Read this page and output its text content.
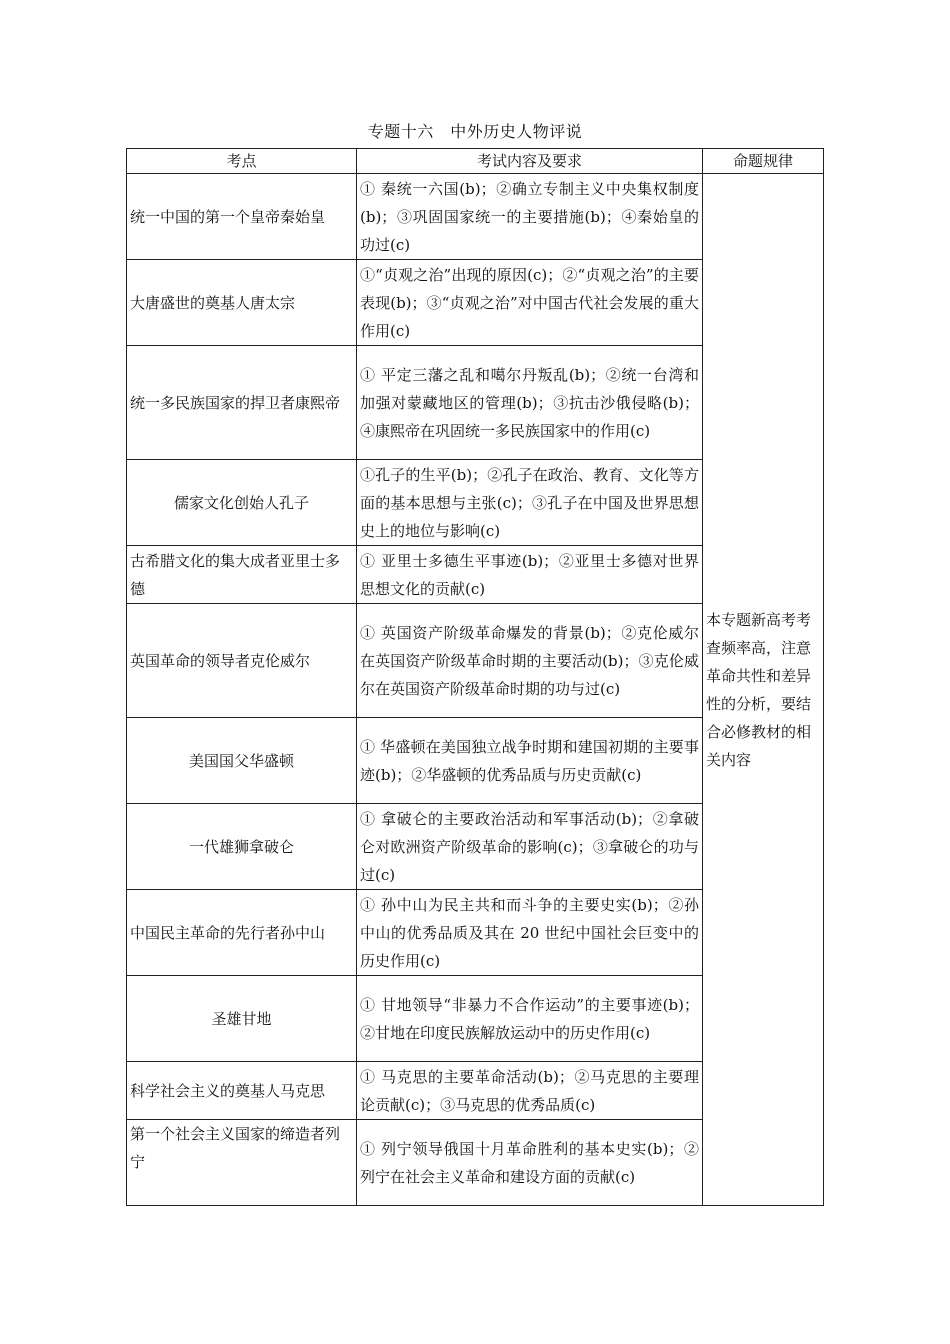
专题十六　中外历史人物评说
考点	考试内容及要求	命题规律
统一中国的第一个皇帝秦始皇	① 秦统一六国(b)；②确立专制主义中央集权制度(b)；③巩固国家统一的主要措施(b)；④秦始皇的功过(c)	本专题新高考考查频率高，注意革命共性和差异性的分析，要结合必修教材的相关内容
大唐盛世的奠基人唐太宗	①“贞观之治”出现的原因(c)；②“贞观之治”的主要表现(b)；③“贞观之治”对中国古代社会发展的重大作用(c)	
统一多民族国家的捍卫者康熙帝	① 平定三藩之乱和噶尔丹叛乱(b)；②统一台湾和加强对蒙藏地区的管理(b)；③抗击沙俄侵略(b)；④康熙帝在巩固统一多民族国家中的作用(c)	
儒家文化创始人孔子	①孔子的生平(b)；②孔子在政治、教育、文化等方面的基本思想与主张(c)；③孔子在中国及世界思想史上的地位与影响(c)	
古希腊文化的集大成者亚里士多德	① 亚里士多德生平事迹(b)；②亚里士多德对世界思想文化的贡献(c)	
英国革命的领导者克伦威尔	① 英国资产阶级革命爆发的背景(b)；②克伦威尔在英国资产阶级革命时期的主要活动(b)；③克伦威尔在英国资产阶级革命时期的功与过(c)	
美国国父华盛顿	① 华盛顿在美国独立战争时期和建国初期的主要事迹(b)；②华盛顿的优秀品质与历史贡献(c)	
一代雄狮拿破仑	① 拿破仑的主要政治活动和军事活动(b)；②拿破仑对欧洲资产阶级革命的影响(c)；③拿破仑的功与过(c)	
中国民主革命的先行者孙中山	① 孙中山为民主共和而斗争的主要史实(b)；②孙中山的优秀品质及其在 20 世纪中国社会巨变中的历史作用(c)	
圣雄甘地	① 甘地领导“非暴力不合作运动”的主要事迹(b)；②甘地在印度民族解放运动中的历史作用(c)	
科学社会主义的奠基人马克思	① 马克思的主要革命活动(b)；②马克思的主要理论贡献(c)；③马克思的优秀品质(c)	
第一个社会主义国家的缔造者列宁	① 列宁领导俄国十月革命胜利的基本史实(b)；②列宁在社会主义革命和建设方面的贡献(c)	
